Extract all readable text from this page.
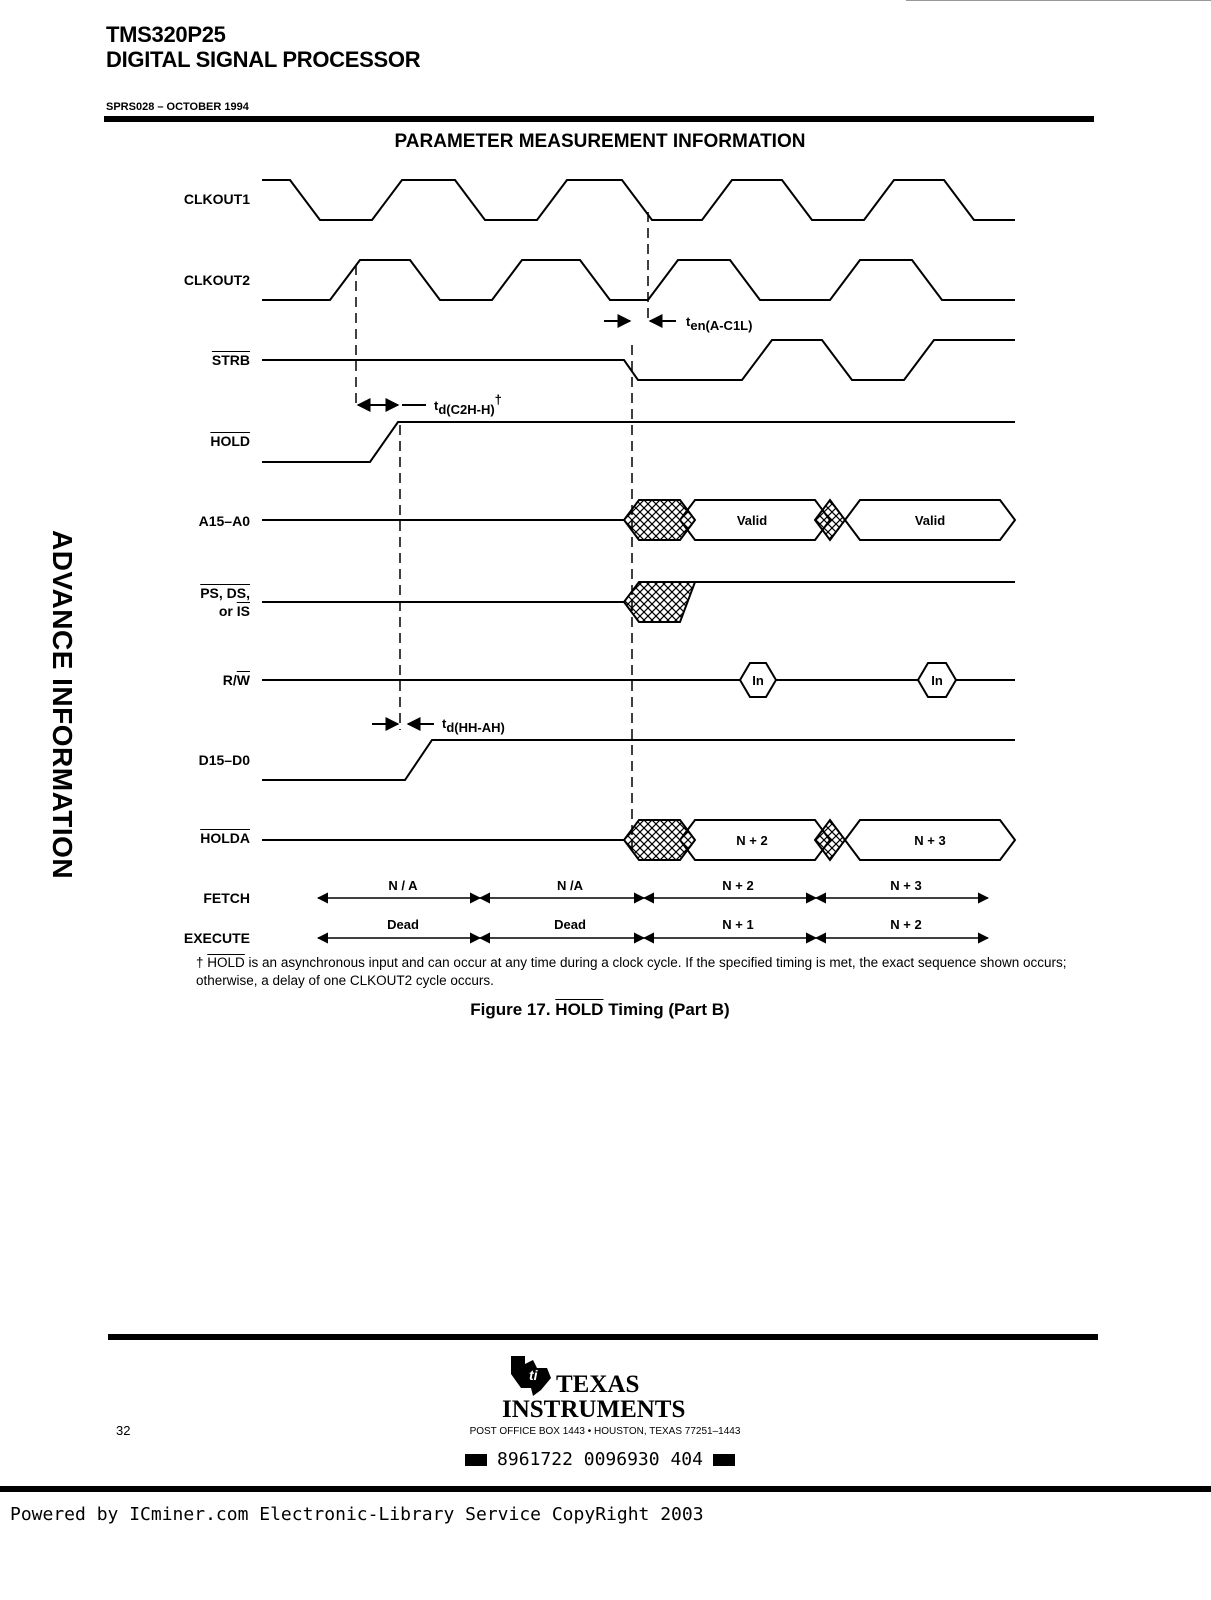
TMS320P25
DIGITAL SIGNAL PROCESSOR
SPRS028 – OCTOBER 1994
ADVANCE INFORMATION
PARAMETER MEASUREMENT INFORMATION
CLKOUT1
CLKOUT2
STRB
HOLD
A15–A0
PS, DS,
or $\overline{IS}$
$R/\overline{W}$
D15–D0
HOLDA
FETCH
EXECUTE
ten(A-C1L)
td(C2H-H)†
td(HH-AH)
Valid	Valid
In	In
N + 2	N + 3
N / A	N /A	N + 2	N + 3
Dead	Dead	N + 1	N + 2
† HOLD is an asynchronous input and can occur at any time during a clock cycle. If the specified timing is met, the exact sequence shown occurs; otherwise, a delay of one CLKOUT2 cycle occurs.
Figure 17. HOLD Timing (Part B)
ti TEXAS
INSTRUMENTS
32	POST OFFICE BOX 1443 • HOUSTON, TEXAS 77251–1443
8961722 0096930 404
Powered by ICminer.com Electronic-Library Service CopyRight 2003
